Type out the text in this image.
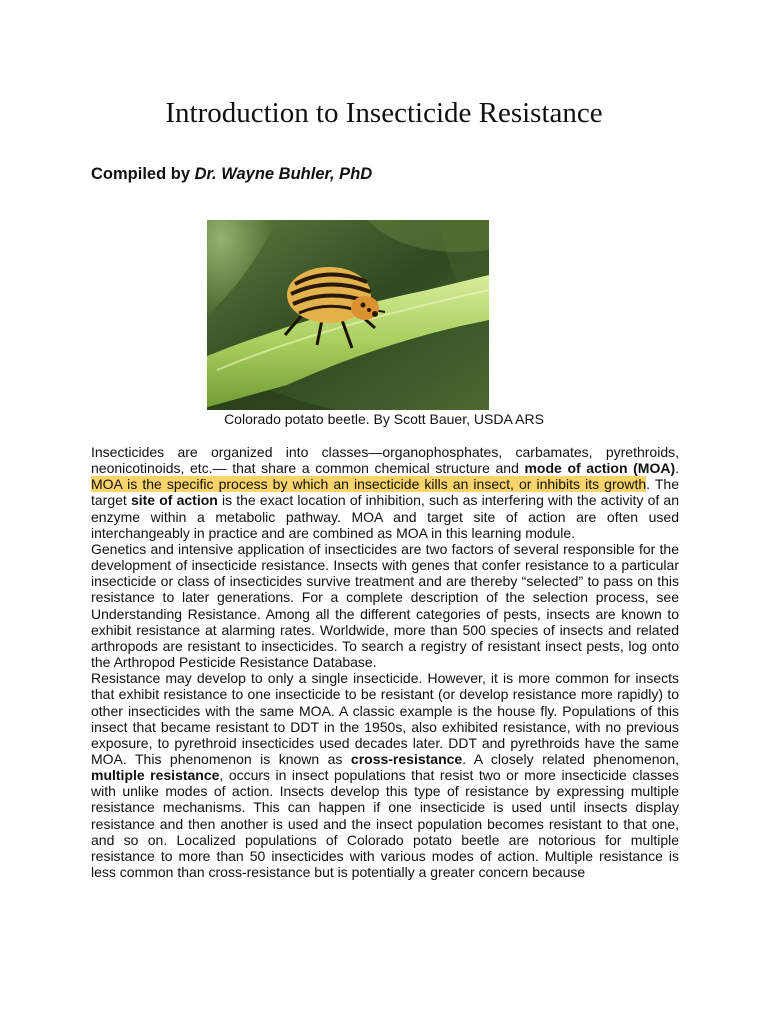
Introduction to Insecticide Resistance

Compiled by Dr. Wayne Buhler, PhD

Colorado potato beetle. By Scott Bauer, USDA ARS

Insecticides are organized into classes—organophosphates, carbamates, pyrethroids, neonicotinoids, etc.— that share a common chemical structure and mode of action (MOA). MOA is the specific process by which an insecticide kills an insect, or inhibits its growth. The target site of action is the exact location of inhibition, such as interfering with the activity of an enzyme within a metabolic pathway. MOA and target site of action are often used interchangeably in practice and are combined as MOA in this learning module.

Genetics and intensive application of insecticides are two factors of several responsible for the development of insecticide resistance. Insects with genes that confer resistance to a particular insecticide or class of insecticides survive treatment and are thereby “selected” to pass on this resistance to later generations. For a complete description of the selection process, see Understanding Resistance. Among all the different categories of pests, insects are known to exhibit resistance at alarming rates. Worldwide, more than 500 species of insects and related arthropods are resistant to insecticides. To search a registry of resistant insect pests, log onto the Arthropod Pesticide Resistance Database.

Resistance may develop to only a single insecticide. However, it is more common for insects that exhibit resistance to one insecticide to be resistant (or develop resistance more rapidly) to other insecticides with the same MOA. A classic example is the house fly. Populations of this insect that became resistant to DDT in the 1950s, also exhibited resistance, with no previous exposure, to pyrethroid insecticides used decades later. DDT and pyrethroids have the same MOA. This phenomenon is known as cross-resistance. A closely related phenomenon, multiple resistance, occurs in insect populations that resist two or more insecticide classes with unlike modes of action. Insects develop this type of resistance by expressing multiple resistance mechanisms. This can happen if one insecticide is used until insects display resistance and then another is used and the insect population becomes resistant to that one, and so on. Localized populations of Colorado potato beetle are notorious for multiple resistance to more than 50 insecticides with various modes of action. Multiple resistance is less common than cross-resistance but is potentially a greater concern because
